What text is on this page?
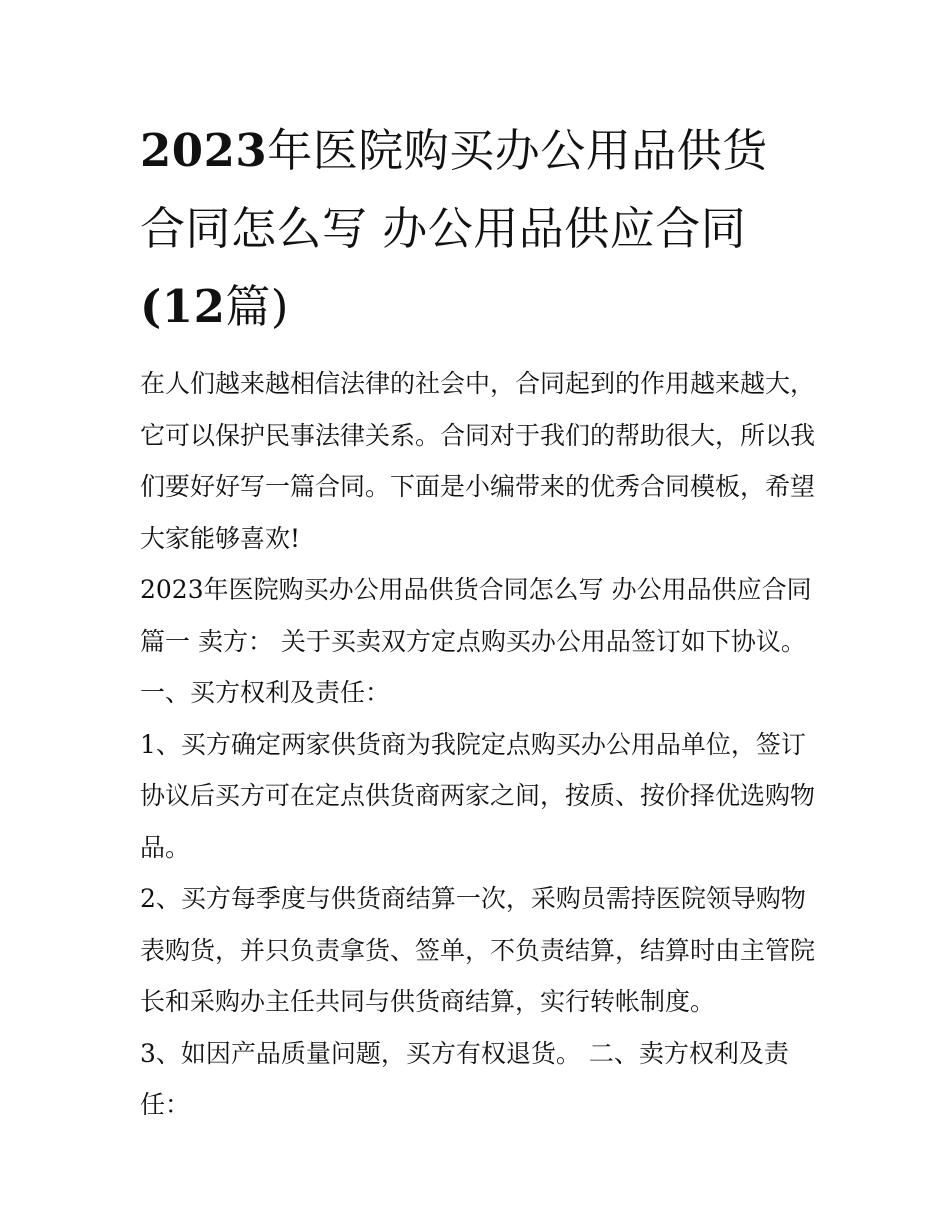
2023年医院购买办公用品供货
合同怎么写 办公用品供应合同
(12篇)

在人们越来越相信法律的社会中，合同起到的作用越来越大，它可以保护民事法律关系。合同对于我们的帮助很大，所以我们要好好写一篇合同。下面是小编带来的优秀合同模板，希望大家能够喜欢!

2023年医院购买办公用品供货合同怎么写 办公用品供应合同篇一 卖方： 关于买卖双方定点购买办公用品签订如下协议。

一、买方权利及责任：

1、买方确定两家供货商为我院定点购买办公用品单位，签订协议后买方可在定点供货商两家之间，按质、按价择优选购物品。

2、买方每季度与供货商结算一次，采购员需持医院领导购物表购货，并只负责拿货、签单，不负责结算，结算时由主管院长和采购办主任共同与供货商结算，实行转帐制度。

3、如因产品质量问题，买方有权退货。 二、卖方权利及责任：
